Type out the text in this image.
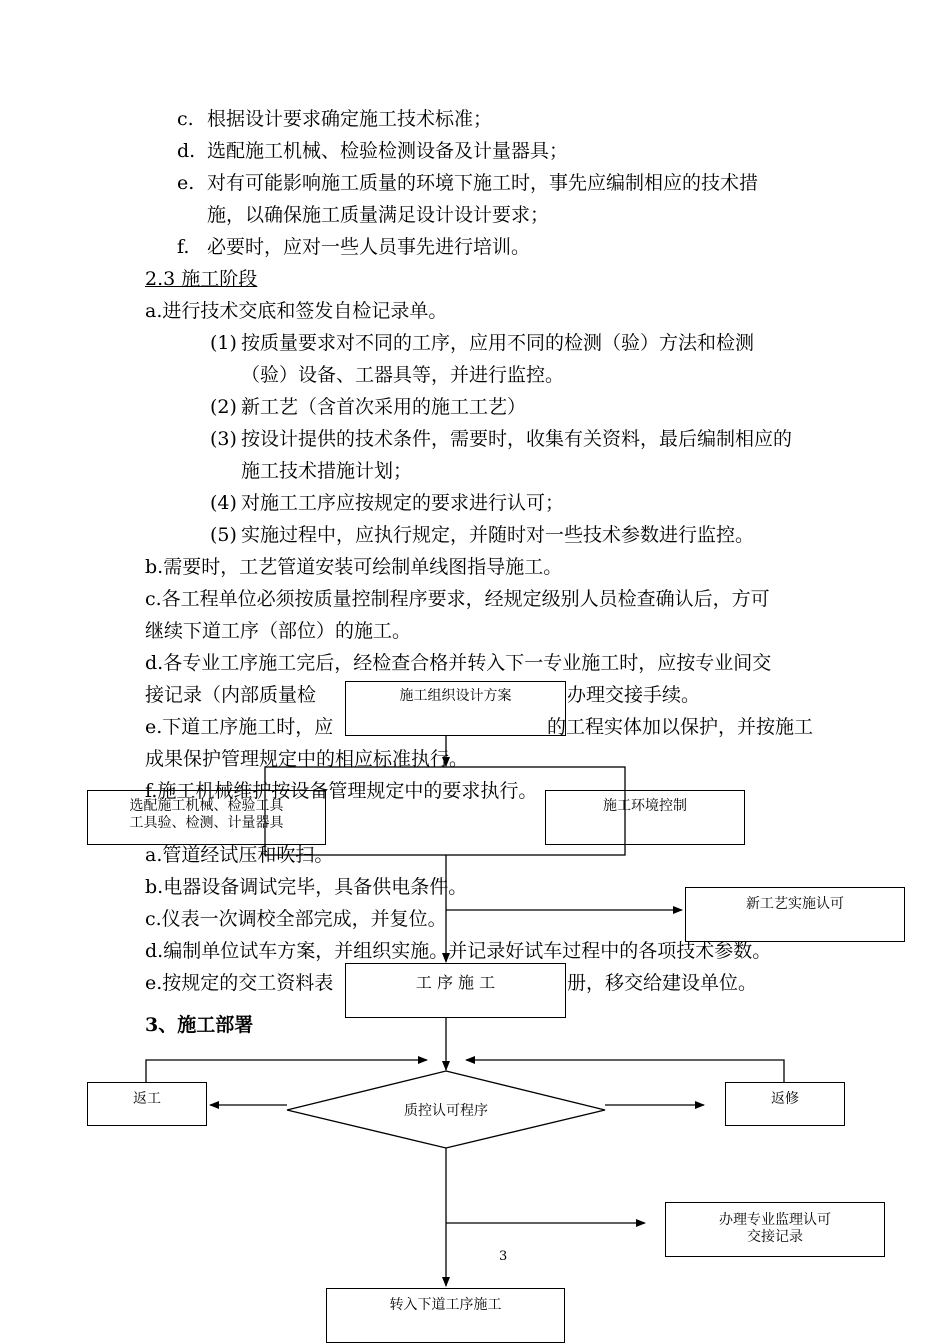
c. 根据设计要求确定施工技术标准；
d. 选配施工机械、检验检测设备及计量器具；
e. 对有可能影响施工质量的环境下施工时，事先应编制相应的技术措
施，以确保施工质量满足设计设计要求；
f. 必要时，应对一些人员事先进行培训。
2.3 施工阶段
a.进行技术交底和签发自检记录单。
(1) 按质量要求对不同的工序，应用不同的检测（验）方法和检测
（验）设备、工器具等，并进行监控。
(2) 新工艺（含首次采用的施工工艺）
(3) 按设计提供的技术条件，需要时，收集有关资料，最后编制相应的
施工技术措施计划；
(4) 对施工工序应按规定的要求进行认可；
(5) 实施过程中，应执行规定，并随时对一些技术参数进行监控。
b.需要时，工艺管道安装可绘制单线图指导施工。
c.各工程单位必须按质量控制程序要求，经规定级别人员检查确认后，方可
继续下道工序（部位）的施工。
d.各专业工序施工完后，经检查合格并转入下一专业施工时，应按专业间交
接记录（内部质量检	办理交接手续。
e.下道工序施工时，应	的工程实体加以保护，并按施工
成果保护管理规定中的相应标准执行。
f.施工机械维护按设备管理规定中的要求执行。
a.管道经试压和吹扫。
b.电器设备调试完毕，具备供电条件。
c.仪表一次调校全部完成，并复位。
d.编制单位试车方案，并组织实施。并记录好试车过程中的各项技术参数。
e.按规定的交工资料表	册，移交给建设单位。
3、施工部署
施工组织设计方案
选配施工机械、检验工具
工具验、检测、计量器具
施工环境控制
新工艺实施认可
工 序 施 工
返工	返修
质控认可程序
办理专业监理认可
交接记录
转入下道工序施工
3
